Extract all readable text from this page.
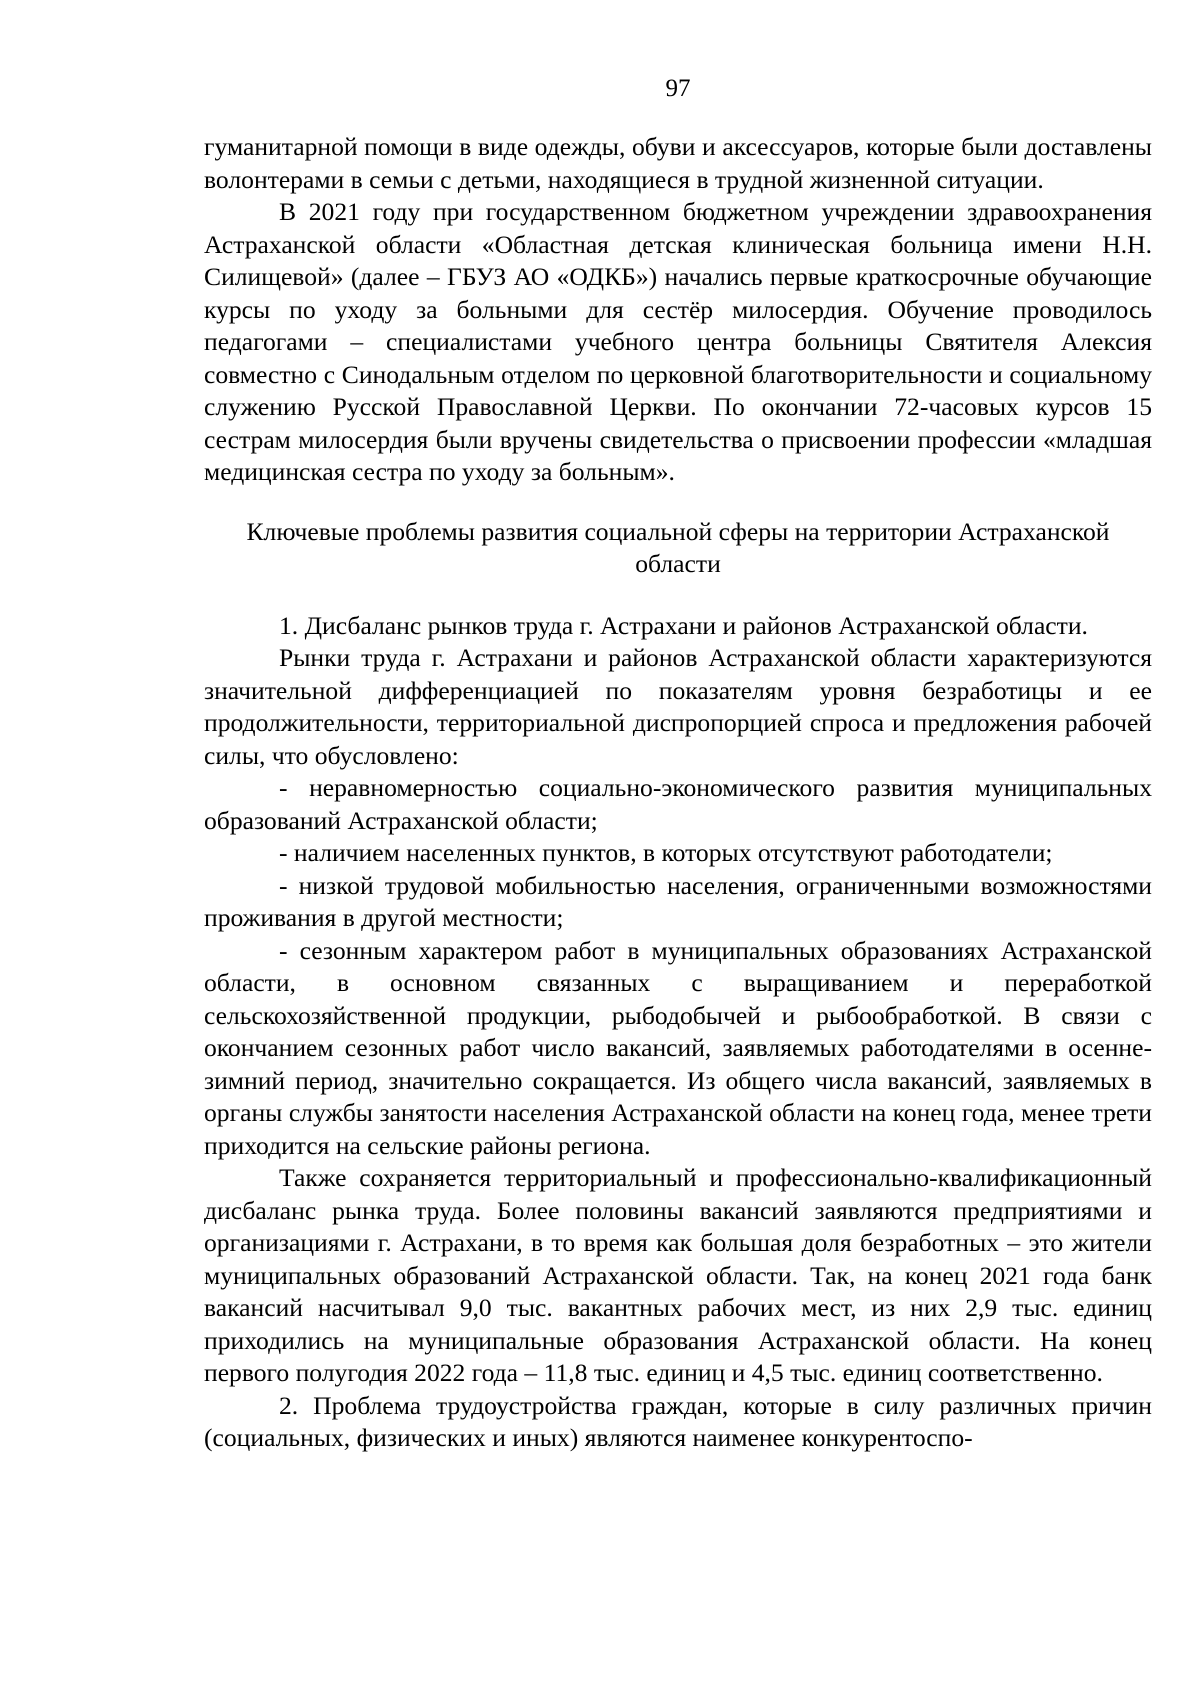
97

гуманитарной помощи в виде одежды, обуви и аксессуаров, которые были доставлены волонтерами в семьи с детьми, находящиеся в трудной жизненной ситуации.

В 2021 году при государственном бюджетном учреждении здравоохранения Астраханской области «Областная детская клиническая больница имени Н.Н. Силищевой» (далее – ГБУЗ АО «ОДКБ») начались первые краткосрочные обучающие курсы по уходу за больными для сестёр милосердия. Обучение проводилось педагогами – специалистами учебного центра больницы Святителя Алексия совместно с Синодальным отделом по церковной благотворительности и социальному служению Русской Православной Церкви. По окончании 72-часовых курсов 15 сестрам милосердия были вручены свидетельства о присвоении профессии «младшая медицинская сестра по уходу за больным».

Ключевые проблемы развития социальной сферы на территории Астраханской области

1. Дисбаланс рынков труда г. Астрахани и районов Астраханской области.

Рынки труда г. Астрахани и районов Астраханской области характеризуются значительной дифференциацией по показателям уровня безработицы и ее продолжительности, территориальной диспропорцией спроса и предложения рабочей силы, что обусловлено:

- неравномерностью социально-экономического развития муниципальных образований Астраханской области;

- наличием населенных пунктов, в которых отсутствуют работодатели;

- низкой трудовой мобильностью населения, ограниченными возможностями проживания в другой местности;

- сезонным характером работ в муниципальных образованиях Астраханской области, в основном связанных с выращиванием и переработкой сельскохозяйственной продукции, рыбодобычей и рыбообработкой. В связи с окончанием сезонных работ число вакансий, заявляемых работодателями в осенне-зимний период, значительно сокращается. Из общего числа вакансий, заявляемых в органы службы занятости населения Астраханской области на конец года, менее трети приходится на сельские районы региона.

Также сохраняется территориальный и профессионально-квалификационный дисбаланс рынка труда. Более половины вакансий заявляются предприятиями и организациями г. Астрахани, в то время как большая доля безработных – это жители муниципальных образований Астраханской области. Так, на конец 2021 года банк вакансий насчитывал 9,0 тыс. вакантных рабочих мест, из них 2,9 тыс. единиц приходились на муниципальные образования Астраханской области. На конец первого полугодия 2022 года – 11,8 тыс. единиц и 4,5 тыс. единиц соответственно.

2. Проблема трудоустройства граждан, которые в силу различных причин (социальных, физических и иных) являются наименее конкурентоспо-
